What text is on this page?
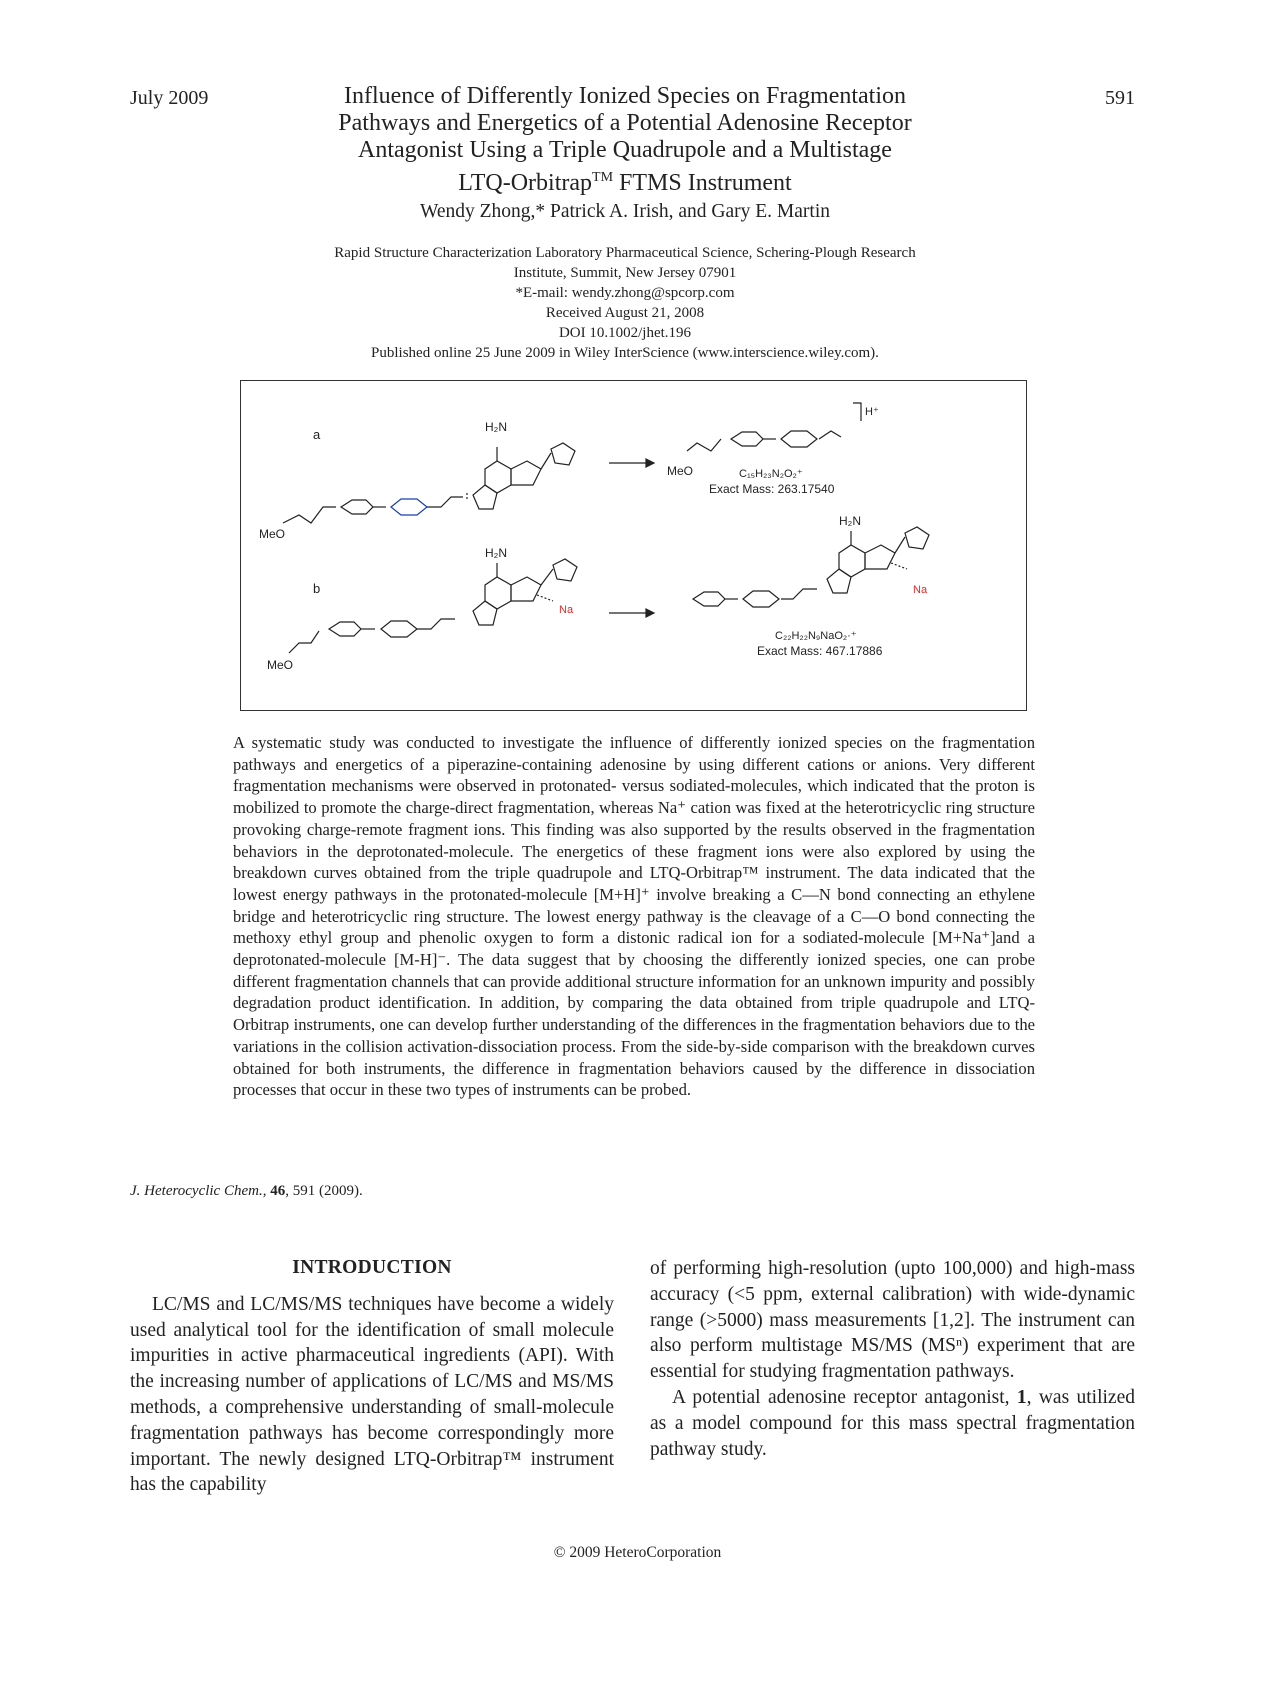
July 2009	591
Influence of Differently Ionized Species on Fragmentation
Pathways and Energetics of a Potential Adenosine Receptor
Antagonist Using a Triple Quadrupole and a Multistage
LTQ-Orbitrap™ FTMS Instrument
Wendy Zhong,* Patrick A. Irish, and Gary E. Martin
Rapid Structure Characterization Laboratory Pharmaceutical Science, Schering-Plough Research
Institute, Summit, New Jersey 07901
*E-mail: wendy.zhong@spcorp.com
Received August 21, 2008
DOI 10.1002/jhet.196
Published online 25 June 2009 in Wiley InterScience (www.interscience.wiley.com).
a
b
H₂N
H₂N
H₂N
MeO
MeO
MeO
Na
Na
H⁺
C₁₅H₂₃N₂O₂⁺
Exact Mass: 263.17540
C₂₂H₂₂N₉NaO₂·⁺
Exact Mass: 467.17886
A systematic study was conducted to investigate the influence of differently ionized species on the fragmentation pathways and energetics of a piperazine-containing adenosine by using different cations or anions. Very different fragmentation mechanisms were observed in protonated- versus sodiated-molecules, which indicated that the proton is mobilized to promote the charge-direct fragmentation, whereas Na⁺ cation was fixed at the heterotricyclic ring structure provoking charge-remote fragment ions. This finding was also supported by the results observed in the fragmentation behaviors in the deprotonated-molecule. The energetics of these fragment ions were also explored by using the breakdown curves obtained from the triple quadrupole and LTQ-Orbitrap™ instrument. The data indicated that the lowest energy pathways in the protonated-molecule [M+H]⁺ involve breaking a C—N bond connecting an ethylene bridge and heterotricyclic ring structure. The lowest energy pathway is the cleavage of a C—O bond connecting the methoxy ethyl group and phenolic oxygen to form a distonic radical ion for a sodiated-molecule [M+Na⁺]and a deprotonated-molecule [M-H]⁻. The data suggest that by choosing the differently ionized species, one can probe different fragmentation channels that can provide additional structure information for an unknown impurity and possibly degradation product identification. In addition, by comparing the data obtained from triple quadrupole and LTQ-Orbitrap instruments, one can develop further understanding of the differences in the fragmentation behaviors due to the variations in the collision activation-dissociation process. From the side-by-side comparison with the breakdown curves obtained for both instruments, the difference in fragmentation behaviors caused by the difference in dissociation processes that occur in these two types of instruments can be probed.
J. Heterocyclic Chem., 46, 591 (2009).
INTRODUCTION

LC/MS and LC/MS/MS techniques have become a widely used analytical tool for the identification of small molecule impurities in active pharmaceutical ingredients (API). With the increasing number of applications of LC/MS and MS/MS methods, a comprehensive understanding of small-molecule fragmentation pathways has become correspondingly more important. The newly designed LTQ-Orbitrap™ instrument has the capability

of performing high-resolution (upto 100,000) and high-mass accuracy (<5 ppm, external calibration) with wide-dynamic range (>5000) mass measurements [1,2]. The instrument can also perform multistage MS/MS (MSⁿ) experiment that are essential for studying fragmentation pathways.

A potential adenosine receptor antagonist, 1, was utilized as a model compound for this mass spectral fragmentation pathway study.

© 2009 HeteroCorporation
